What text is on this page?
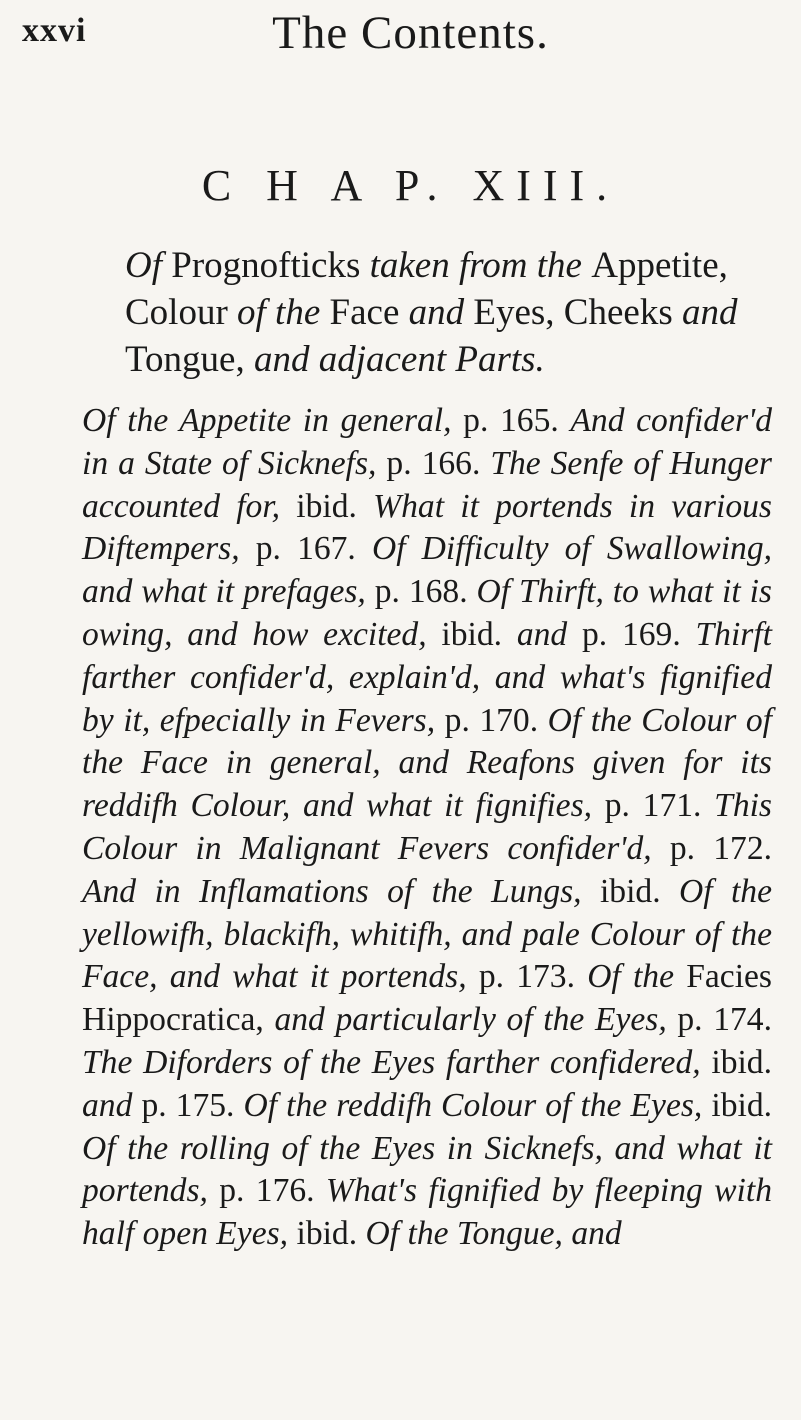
xxvi	The Contents.
C H A P. XIII.
Of Prognofticks taken from the Appetite, Colour of the Face and Eyes, Cheeks and Tongue, and adjacent Parts.
Of the Appetite in general, p. 165. And confider'd in a State of Sicknefs, p. 166. The Senfe of Hunger accounted for, ibid. What it portends in various Diftempers, p. 167. Of Difficulty of Swallowing, and what it prefages, p. 168. Of Thirft, to what it is owing, and how excited, ibid. and p. 169. Thirft farther confider'd, explain'd, and what's fignified by it, efpecially in Fevers, p. 170. Of the Colour of the Face in general, and Reafons given for its reddifh Colour, and what it fignifies, p. 171. This Colour in Malignant Fevers confider'd, p. 172. And in Inflamations of the Lungs, ibid. Of the yellowifh, blackifh, whitifh, and pale Colour of the Face, and what it portends, p. 173. Of the Facies Hippocratica, and particularly of the Eyes, p. 174. The Diforders of the Eyes farther confidered, ibid. and p. 175. Of the reddifh Colour of the Eyes, ibid. Of the rolling of the Eyes in Sicknefs, and what it portends, p. 176. What's fignified by fleeping with half open Eyes, ibid. Of the Tongue, and
